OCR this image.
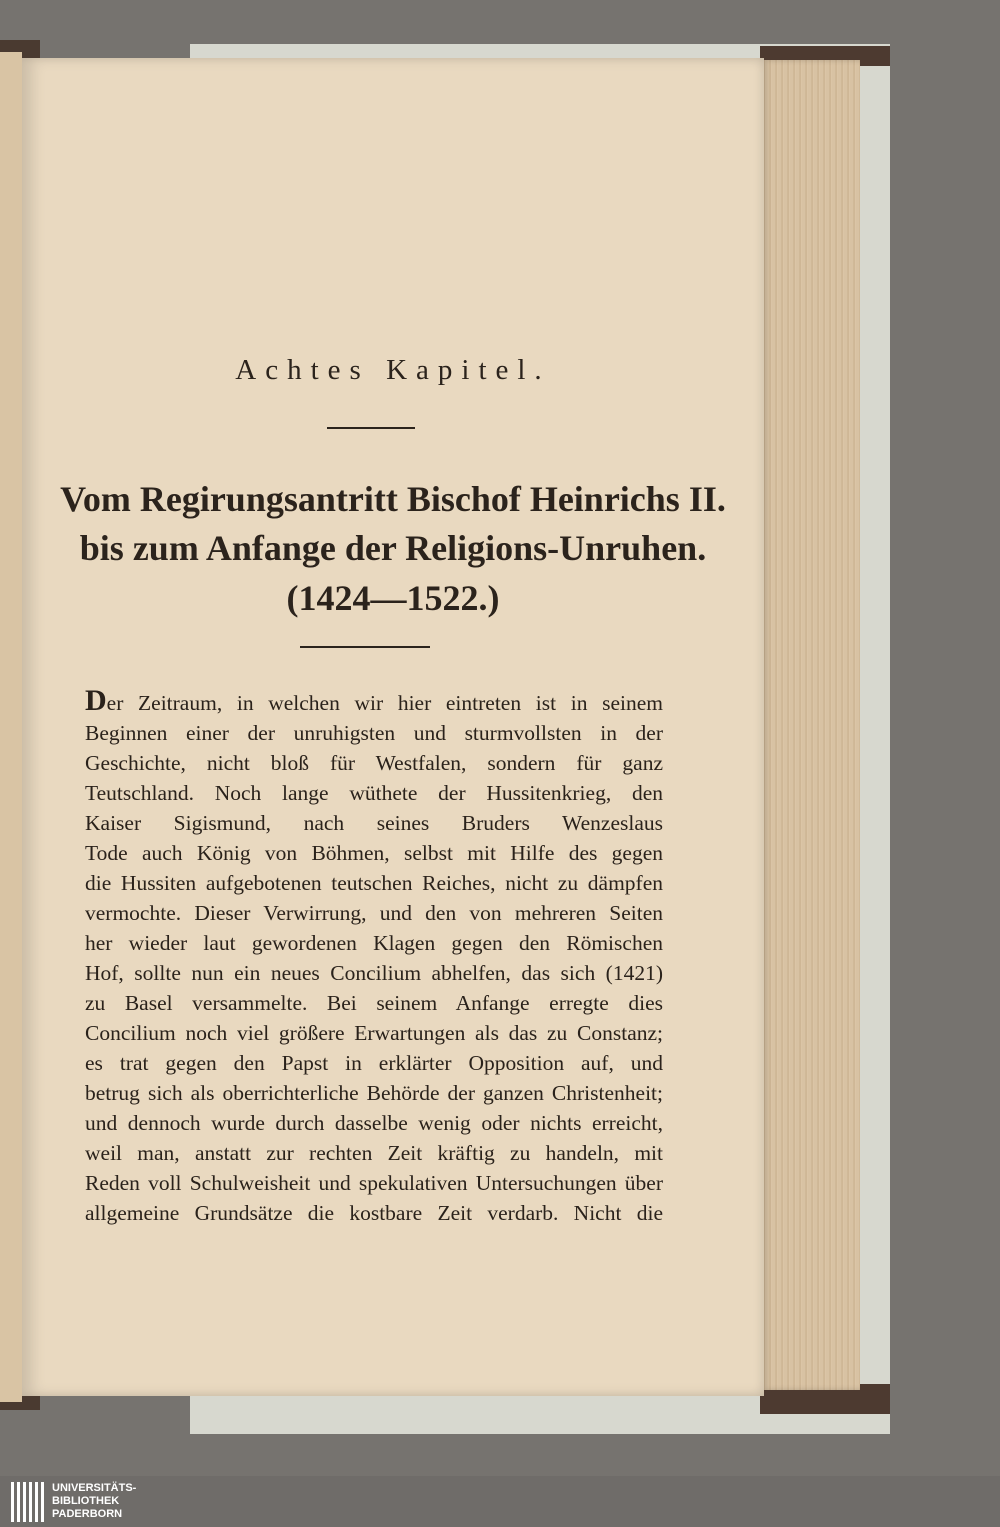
Achtes Kapitel.
Vom Regirungsantritt Bischof Heinrichs II.
bis zum Anfange der Religions-Unruhen.
(1424—1522.)
Der Zeitraum, in welchen wir hier eintreten ist in seinem
Beginnen einer der unruhigsten und sturmvollsten in der
Geschichte, nicht bloß für Westfalen, sondern für ganz
Teutschland. Noch lange wüthete der Hussitenkrieg, den
Kaiser Sigismund, nach seines Bruders Wenzeslaus
Tode auch König von Böhmen, selbst mit Hilfe des gegen
die Hussiten aufgebotenen teutschen Reiches, nicht zu dämpfen
vermochte. Dieser Verwirrung, und den von mehreren Seiten
her wieder laut gewordenen Klagen gegen den Römischen
Hof, sollte nun ein neues Concilium abhelfen, das sich (1421)
zu Basel versammelte. Bei seinem Anfange erregte dies
Concilium noch viel größere Erwartungen als das zu Constanz;
es trat gegen den Papst in erklärter Opposition auf, und
betrug sich als oberrichterliche Behörde der ganzen Christenheit;
und dennoch wurde durch dasselbe wenig oder nichts erreicht,
weil man, anstatt zur rechten Zeit kräftig zu handeln, mit
Reden voll Schulweisheit und spekulativen Untersuchungen über
allgemeine Grundsätze die kostbare Zeit verdarb. Nicht die
UNIVERSITÄTS-
BIBLIOTHEK
PADERBORN
